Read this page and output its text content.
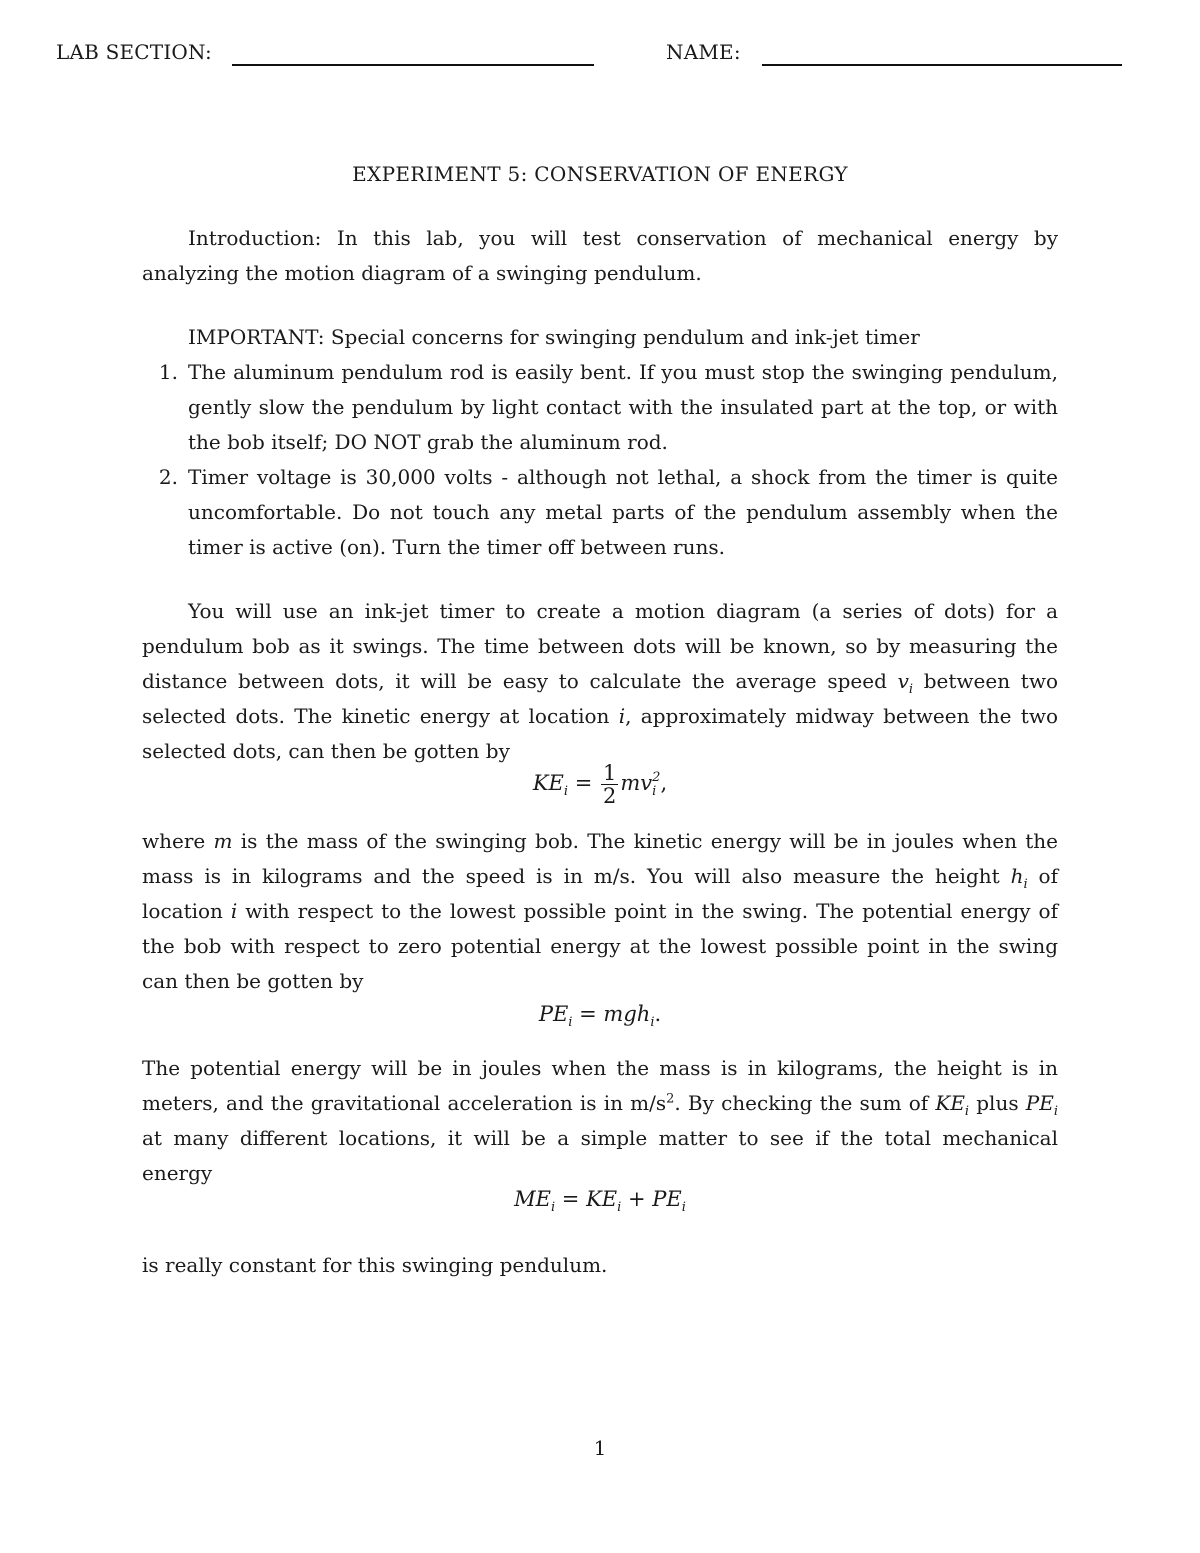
LAB SECTION:	NAME:
EXPERIMENT 5: CONSERVATION OF ENERGY
Introduction: In this lab, you will test conservation of mechanical energy by analyzing the motion diagram of a swinging pendulum.
IMPORTANT: Special concerns for swinging pendulum and ink-jet timer
1. The aluminum pendulum rod is easily bent. If you must stop the swinging pendulum, gently slow the pendulum by light contact with the insulated part at the top, or with the bob itself; DO NOT grab the aluminum rod.
2. Timer voltage is 30,000 volts - although not lethal, a shock from the timer is quite uncomfortable. Do not touch any metal parts of the pendulum assembly when the timer is active (on). Turn the timer off between runs.
You will use an ink-jet timer to create a motion diagram (a series of dots) for a pendulum bob as it swings. The time between dots will be known, so by measuring the distance between dots, it will be easy to calculate the average speed $v_i$ between two selected dots. The kinetic energy at location i, approximately midway between the two selected dots, can then be gotten by
$KE_i = \frac{1}{2}$ mv 2
i ,
where m is the mass of the swinging bob. The kinetic energy will be in joules when the mass is in kilograms and the speed is in m/s. You will also measure the height $h_i$ of location i with respect to the lowest possible point in the swing. The potential energy of the bob with respect to zero potential energy at the lowest possible point in the swing can then be gotten by
$PE_i = mgh_i$.
The potential energy will be in joules when the mass is in kilograms, the height is in meters, and the gravitational acceleration is in $m/s^2$. By checking the sum of $KE_i$ plus $PE_i$ at many different locations, it will be a simple matter to see if the total mechanical energy
$ME_i = KE_i + PE_i$
is really constant for this swinging pendulum.
1
